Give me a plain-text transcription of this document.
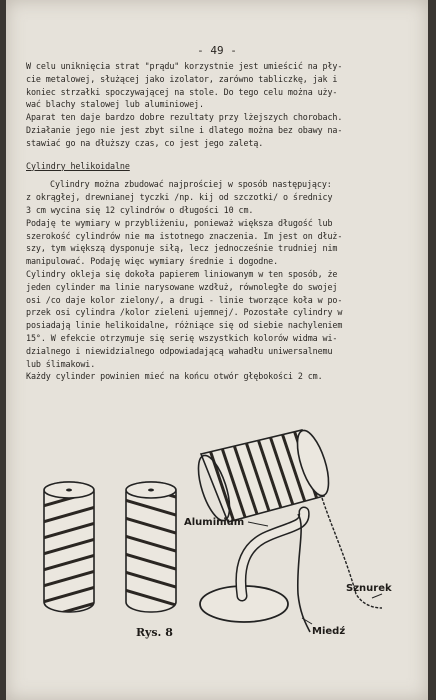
- 49 -
W celu uniknięcia strat "prądu" korzystnie jest umieścić na pły-
cie metalowej, służącej jako izolator, zarówno tabliczkę, jak i
koniec strzałki spoczywającej na stole. Do tego celu można uży-
wać blachy stalowej lub aluminiowej.
Aparat ten daje bardzo dobre rezultaty przy lżejszych chorobach.
Działanie jego nie jest zbyt silne i dlatego można bez obawy na-
stawiać go na dłuższy czas, co jest jego zaletą.
Cylindry helikoidalne
Cylindry można zbudować najprościej w sposób następujący:
z okrągłej, drewnianej tyczki /np. kij od szczotki/ o średnicy
3 cm wycina się 12 cylindrów o długości 10 cm.
Podaję te wymiary w przybliżeniu, ponieważ większa długość lub
szerokość cylindrów nie ma istotnego znaczenia. Im jest on dłuż-
szy, tym większą dysponuje siłą, lecz jednocześnie trudniej nim
manipulować. Podaję więc wymiary średnie i dogodne.
Cylindry okleja się dokoła papierem liniowanym w ten sposób, że
jeden cylinder ma linie narysowane wzdłuż, równoległe do swojej
osi /co daje kolor zielony/, a drugi - linie tworzące koła w po-
przek osi cylindra /kolor zieleni ujemnej/. Pozostałe cylindry w
posiadają linie helikoidalne, różniące się od siebie nachyleniem
15°. W efekcie otrzymuje się serię wszystkich kolorów widma wi-
dzialnego i niewidzialnego odpowiadającą wahadłu uniwersalnemu
lub ślimakowi.
Każdy cylinder powinien mieć na końcu otwór głębokości 2 cm.
Aluminium
Sznurek
Miedź
Rys. 8
